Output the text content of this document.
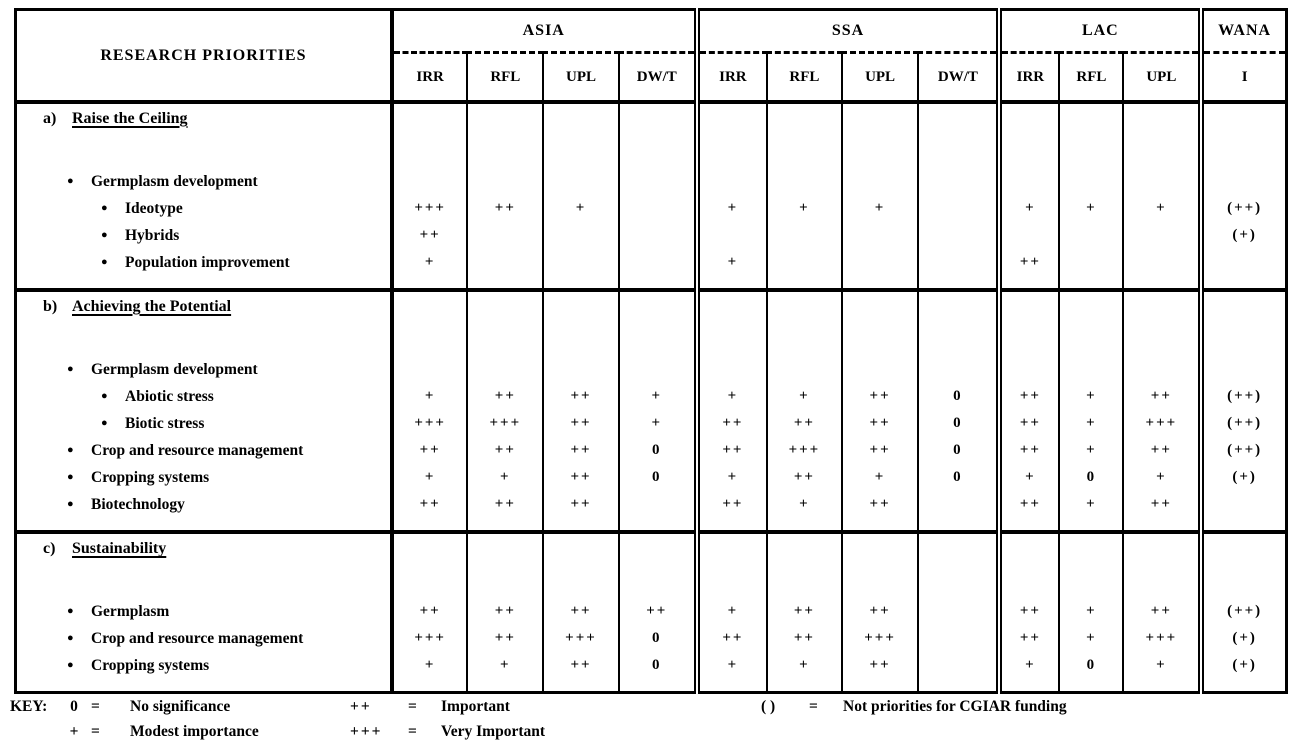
RESEARCH PRIORITIES	ASIA				SSA				LAC			WANA
	IRR	RFL	UPL	DW/T	IRR	RFL	UPL	DW/T	IRR	RFL	UPL	I

a) Raise the Ceiling												

● Germplasm development												

● Ideotype	+++	++	+		+	+	+		+	+	+	(++)

● Hybrids	++											(+)

● Population improvement	+				+				++			

b) Achieving the Potential												

● Germplasm development												

● Abiotic stress	+	++	++	+	+	+	++	0	++	+	++	(++)

● Biotic stress	+++	+++	++	+	++	++	++	0	++	+	+++	(++)

● Crop and resource management	++	++	++	0	++	+++	++	0	++	+	++	(++)

● Cropping systems	+	+	++	0	+	++	+	0	+	0	+	(+)

● Biotechnology	++	++	++		++	+	++		++	+	++	

c) Sustainability												

● Germplasm	++	++	++	++	+	++	++		++	+	++	(++)

● Crop and resource management	+++	++	+++	0	++	++	+++		++	+	+++	(+)

● Cropping systems	+	+	++	0	+	+	++		+	0	+	(+)

KEY:	0 =	No significance
+ =	Modest importance
++	=	Important
+++	=	Very Important
( )	=	Not priorities for CGIAR funding
